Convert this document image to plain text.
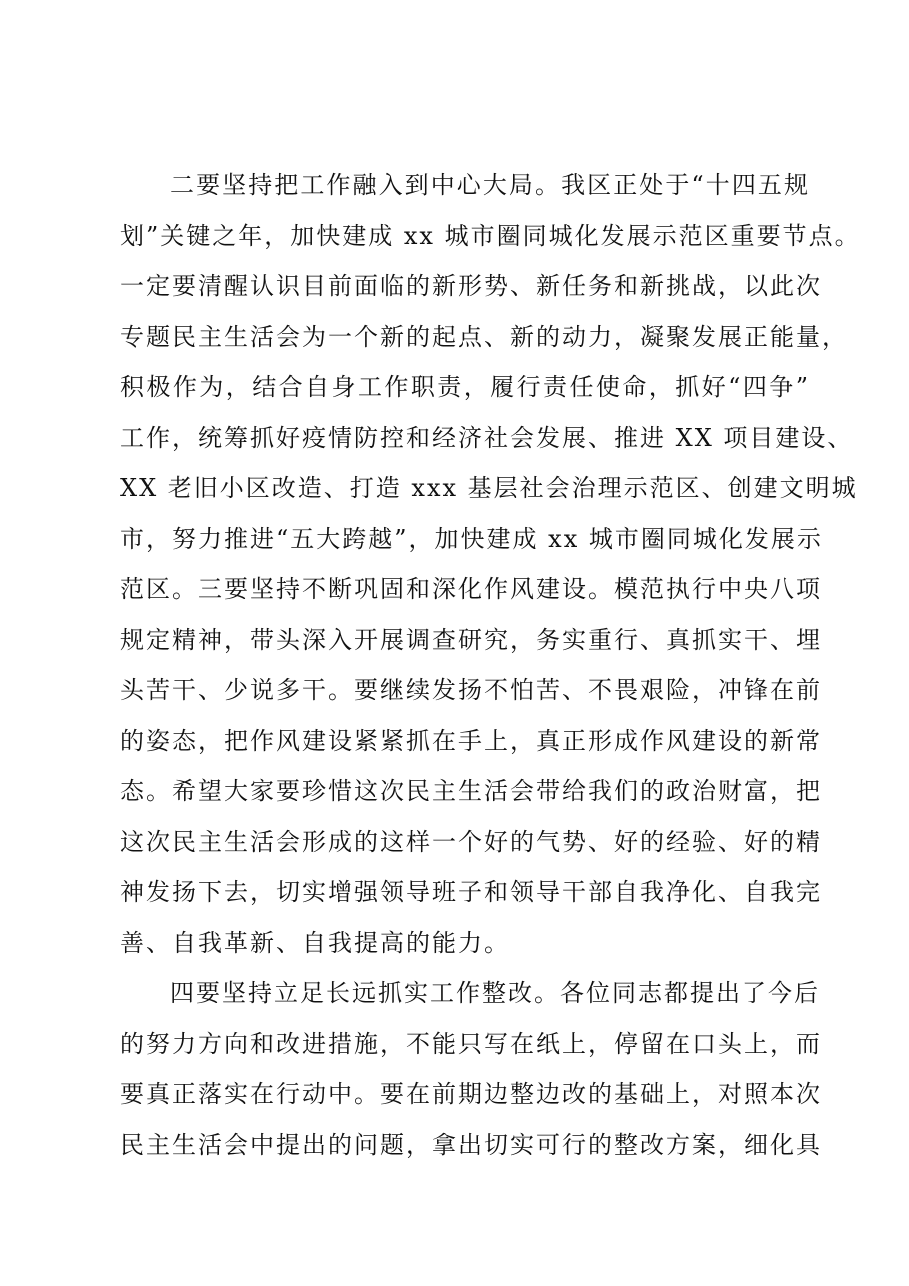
二要坚持把工作融入到中心大局。我区正处于“十四五规
划”关键之年，加快建成 xx 城市圈同城化发展示范区重要节点。
一定要清醒认识目前面临的新形势、新任务和新挑战，以此次
专题民主生活会为一个新的起点、新的动力，凝聚发展正能量，
积极作为，结合自身工作职责，履行责任使命，抓好“四争”
工作，统筹抓好疫情防控和经济社会发展、推进 XX 项目建设、
XX 老旧小区改造、打造 xxx 基层社会治理示范区、创建文明城
市，努力推进“五大跨越”，加快建成 xx 城市圈同城化发展示
范区。三要坚持不断巩固和深化作风建设。模范执行中央八项
规定精神，带头深入开展调查研究，务实重行、真抓实干、埋
头苦干、少说多干。要继续发扬不怕苦、不畏艰险，冲锋在前
的姿态，把作风建设紧紧抓在手上，真正形成作风建设的新常
态。希望大家要珍惜这次民主生活会带给我们的政治财富，把
这次民主生活会形成的这样一个好的气势、好的经验、好的精
神发扬下去，切实增强领导班子和领导干部自我净化、自我完
善、自我革新、自我提高的能力。
四要坚持立足长远抓实工作整改。各位同志都提出了今后
的努力方向和改进措施，不能只写在纸上，停留在口头上，而
要真正落实在行动中。要在前期边整边改的基础上，对照本次
民主生活会中提出的问题，拿出切实可行的整改方案，细化具
